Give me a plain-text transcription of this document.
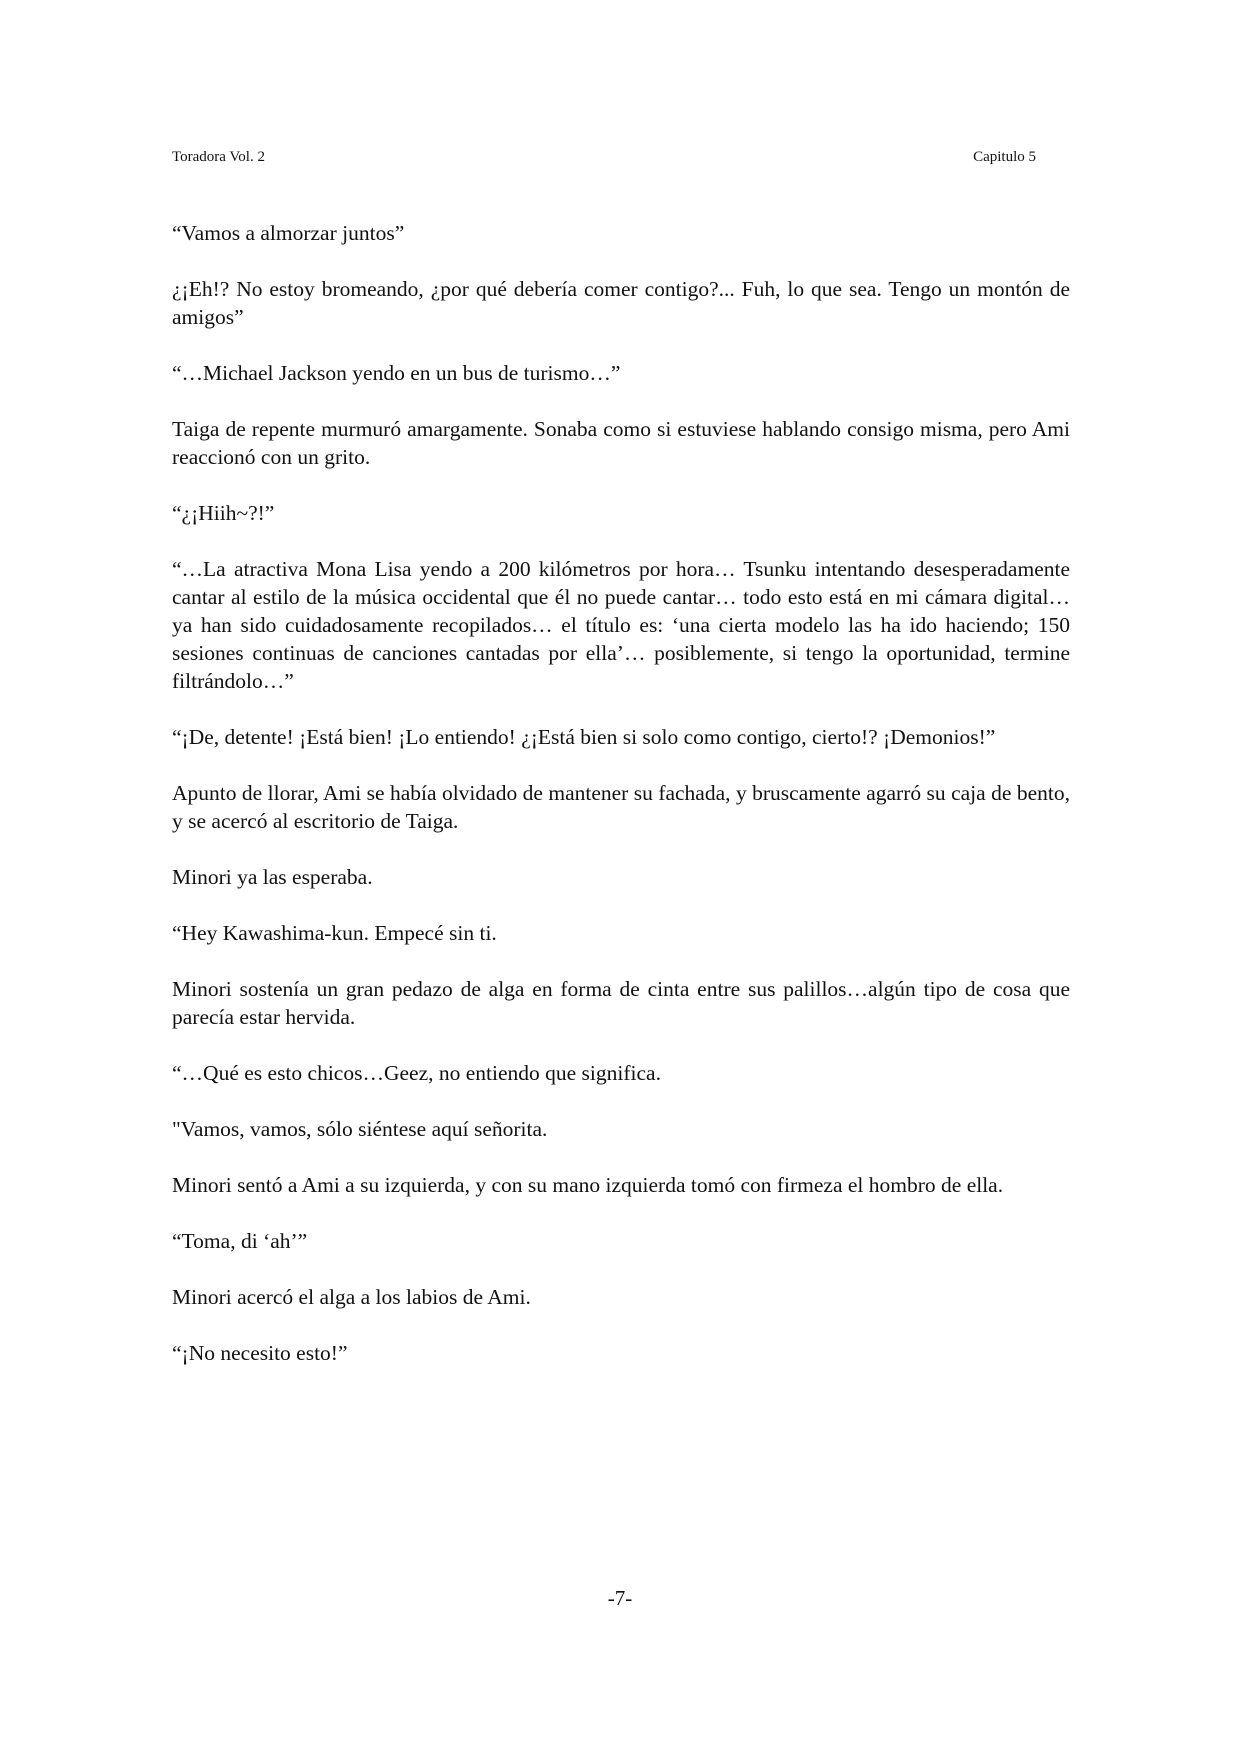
Toradora Vol. 2	Capitulo 5

“Vamos a almorzar juntos”

¿¡Eh!? No estoy bromeando, ¿por qué debería comer contigo?... Fuh, lo que sea. Tengo un montón de amigos”

“…Michael Jackson yendo en un bus de turismo…”

Taiga de repente murmuró amargamente. Sonaba como si estuviese hablando consigo misma, pero Ami reaccionó con un grito.

“¿¡Hiih~?!”

“…La atractiva Mona Lisa yendo a 200 kilómetros por hora… Tsunku intentando desesperadamente cantar al estilo de la música occidental que él no puede cantar… todo esto está en mi cámara digital… ya han sido cuidadosamente recopilados… el título es: ‘una cierta modelo las ha ido haciendo; 150 sesiones continuas de canciones cantadas por ella’… posiblemente, si tengo la oportunidad, termine filtrándolo…”

“¡De, detente! ¡Está bien! ¡Lo entiendo! ¿¡Está bien si solo como contigo, cierto!? ¡Demonios!”

Apunto de llorar, Ami se había olvidado de mantener su fachada, y bruscamente agarró su caja de bento, y se acercó al escritorio de Taiga.

Minori ya las esperaba.

“Hey Kawashima-kun. Empecé sin ti.

Minori sostenía un gran pedazo de alga en forma de cinta entre sus palillos…algún tipo de cosa que parecía estar hervida.

“…Qué es esto chicos…Geez, no entiendo que significa.

"Vamos, vamos, sólo siéntese aquí señorita.

Minori sentó a Ami a su izquierda, y con su mano izquierda tomó con firmeza el hombro de ella.

“Toma, di ‘ah’”

Minori acercó el alga a los labios de Ami.

“¡No necesito esto!”

-7-
